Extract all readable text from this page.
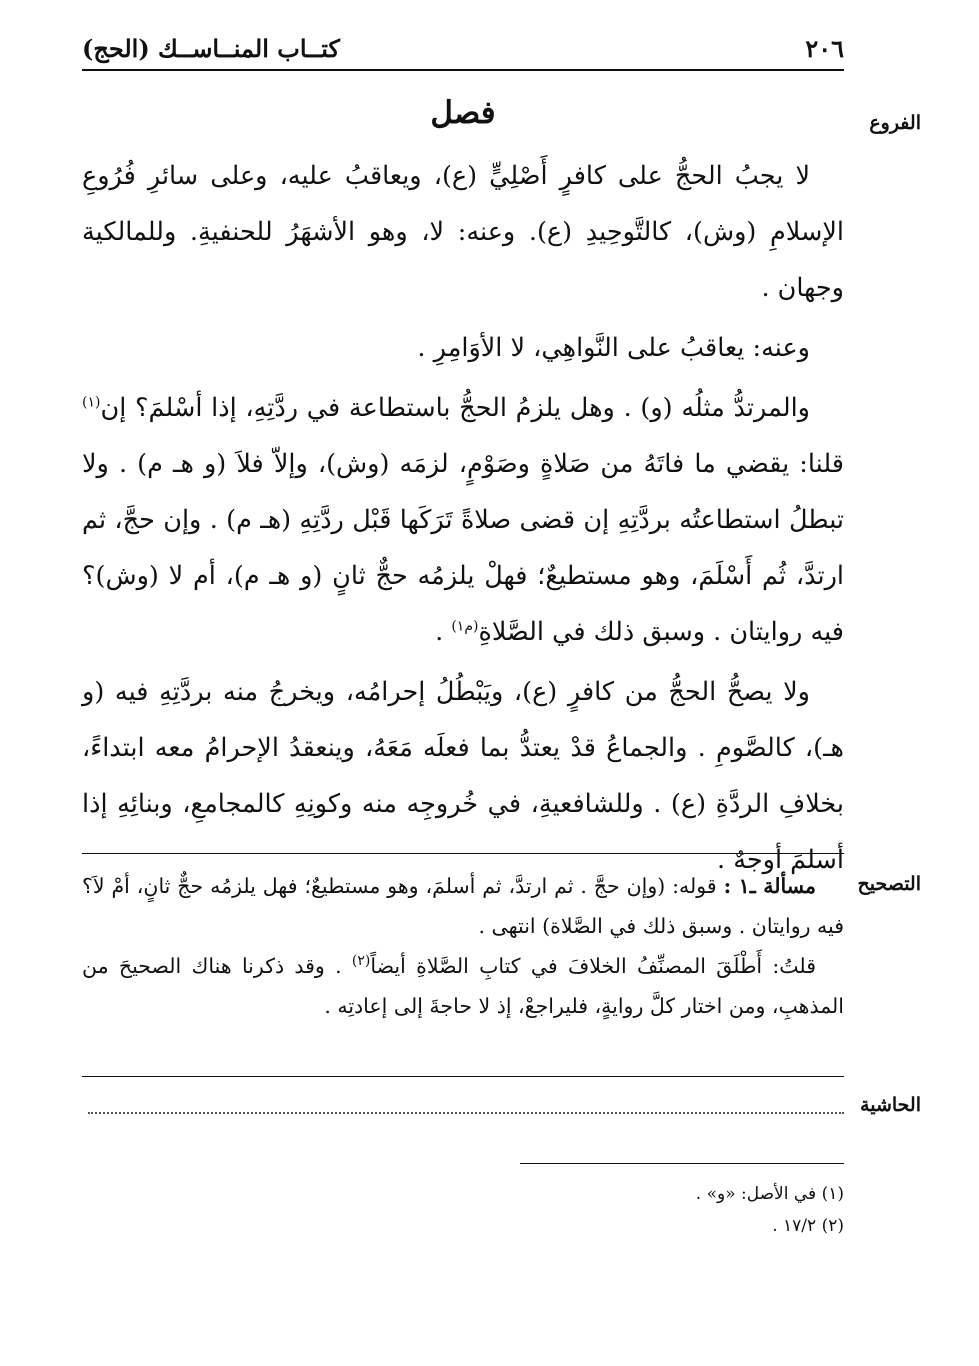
٢٠٦
كتــاب المنــاســك (الحج)
الفروع
التصحيح
الحاشية
فصل

لا يجبُ الحجُّ على كافرٍ أَصْلِيٍّ (ع)، ويعاقبُ عليه، وعلى سائرِ فُرُوعِ الإسلامِ (وش)، كالتَّوحِيدِ (ع). وعنه: لا، وهو الأشهَرُ للحنفيةِ. وللمالكية وجهان .

وعنه: يعاقبُ على النَّواهِي، لا الأوَامِرِ .

والمرتدُّ مثلُه (و) . وهل يلزمُ الحجُّ باستطاعة في ردَّتِهِ، إذا أسْلمَ؟ إن$^{(١)}$ قلنا: يقضي ما فاتَهُ من صَلاةٍ وصَوْمٍ، لزمَه (وش)، وإلاّ فلاَ (و هـ م) . ولا تبطلُ استطاعتُه بردَّتِهِ إن قضى صلاةً تَرَكَها قَبْل ردَّتِهِ (هـ م) . وإن حجَّ، ثم ارتدَّ، ثُم أَسْلَمَ، وهو مستطيعٌ؛ فهلْ يلزمُه حجٌّ ثانٍ (و هـ م)، أم لا (وش)؟ فيه روايتان . وسبق ذلك في الصَّلاةِ$^{(م١)}$ .

ولا يصحُّ الحجُّ من كافرٍ (ع)، ويَبْطُلُ إحرامُه، ويخرجُ منه بردَّتِهِ فيه (و هـ)، كالصَّومِ . والجماعُ قدْ يعتدُّ بما فعلَه مَعَهُ، وينعقدُ الإحرامُ معه ابتداءً، بخلافِ الردَّةِ (ع) . وللشافعيةِ، في خُروجِه منه وكونِهِ كالمجامعِ، وبنائِهِ إذا أسلمَ أوجهٌ .

مسألة ـ١ : قوله: (وإن حجَّ . ثم ارتدَّ، ثم أسلمَ، وهو مستطيعٌ؛ فهل يلزمُه حجٌّ ثانٍ، أمْ لاَ؟ فيه روايتان . وسبق ذلك في الصَّلاة) انتهى .

قلتُ: أَطْلَقَ المصنِّفُ الخلافَ في كتابِ الصَّلاةِ أيضاً$^{(٢)}$ . وقد ذكرنا هناك الصحيحَ من المذهبِ، ومن اختار كلَّ روايةٍ، فليراجعْ، إذ لا حاجةَ إلى إعادتِه .

(١) في الأصل: «و» .
(٢) ١٧/٢ .
